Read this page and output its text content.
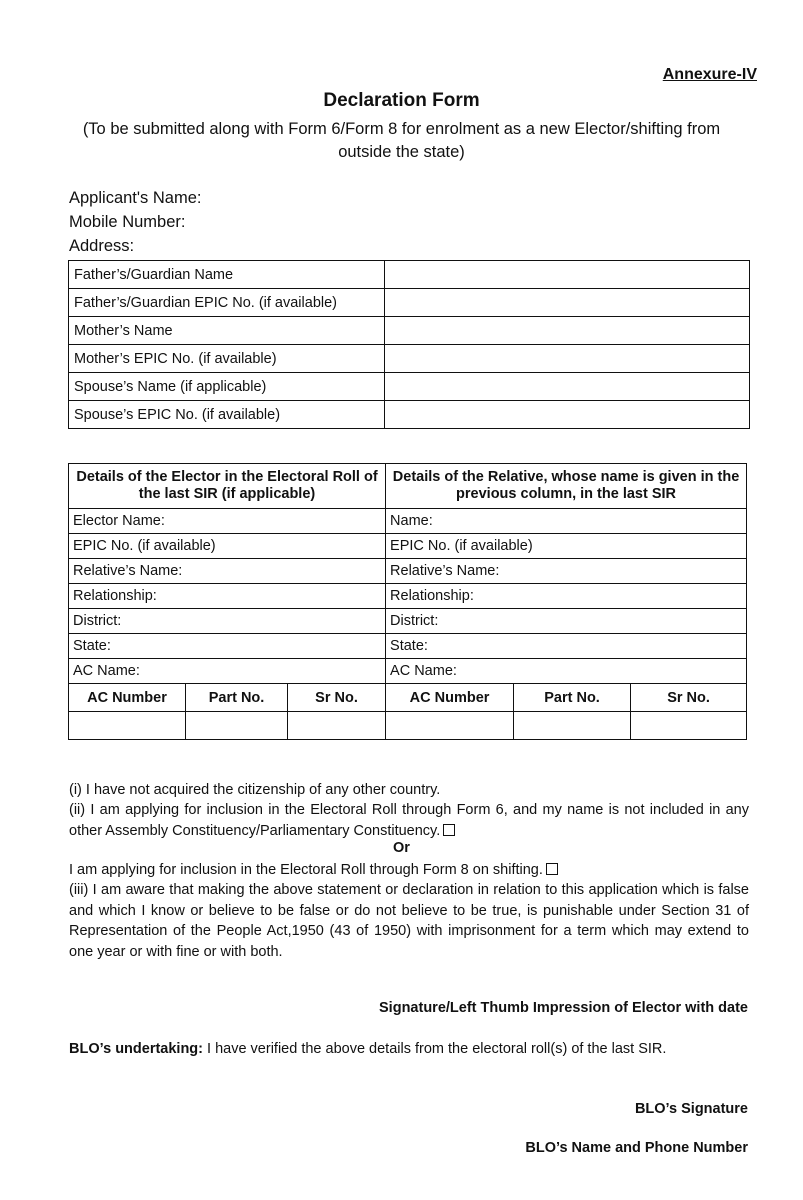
Annexure-IV
Declaration Form
(To be submitted along with Form 6/Form 8 for enrolment as a new Elector/shifting from outside the state)
Applicant's Name:
Mobile Number:
Address:
Father’s/Guardian Name	
Father’s/Guardian EPIC No. (if available)	
Mother’s Name	
Mother’s EPIC No. (if available)	
Spouse’s Name (if applicable)	
Spouse’s EPIC No. (if available)	
Details of the Elector in the Electoral Roll of the last SIR (if applicable)			Details of the Relative, whose name is given in the previous column, in the last SIR		
Elector Name:			Name:		
EPIC No. (if available)			EPIC No. (if available)		
Relative’s Name:			Relative’s Name:		
Relationship:			Relationship:		
District:			District:		
State:			State:		
AC Name:			AC Name:		
AC Number	Part No.	Sr No.	AC Number	Part No.	Sr No.

(i) I have not acquired the citizenship of any other country.
(ii) I am applying for inclusion in the Electoral Roll through Form 6, and my name is not included in any other Assembly Constituency/Parliamentary Constituency.
Or
I am applying for inclusion in the Electoral Roll through Form 8 on shifting.
(iii) I am aware that making the above statement or declaration in relation to this application which is false and which I know or believe to be false or do not believe to be true, is punishable under Section 31 of Representation of the People Act,1950 (43 of 1950) with imprisonment for a term which may extend to one year or with fine or with both.
Signature/Left Thumb Impression of Elector with date
BLO’s undertaking: I have verified the above details from the electoral roll(s) of the last SIR.
BLO’s Signature
BLO’s Name and Phone Number
